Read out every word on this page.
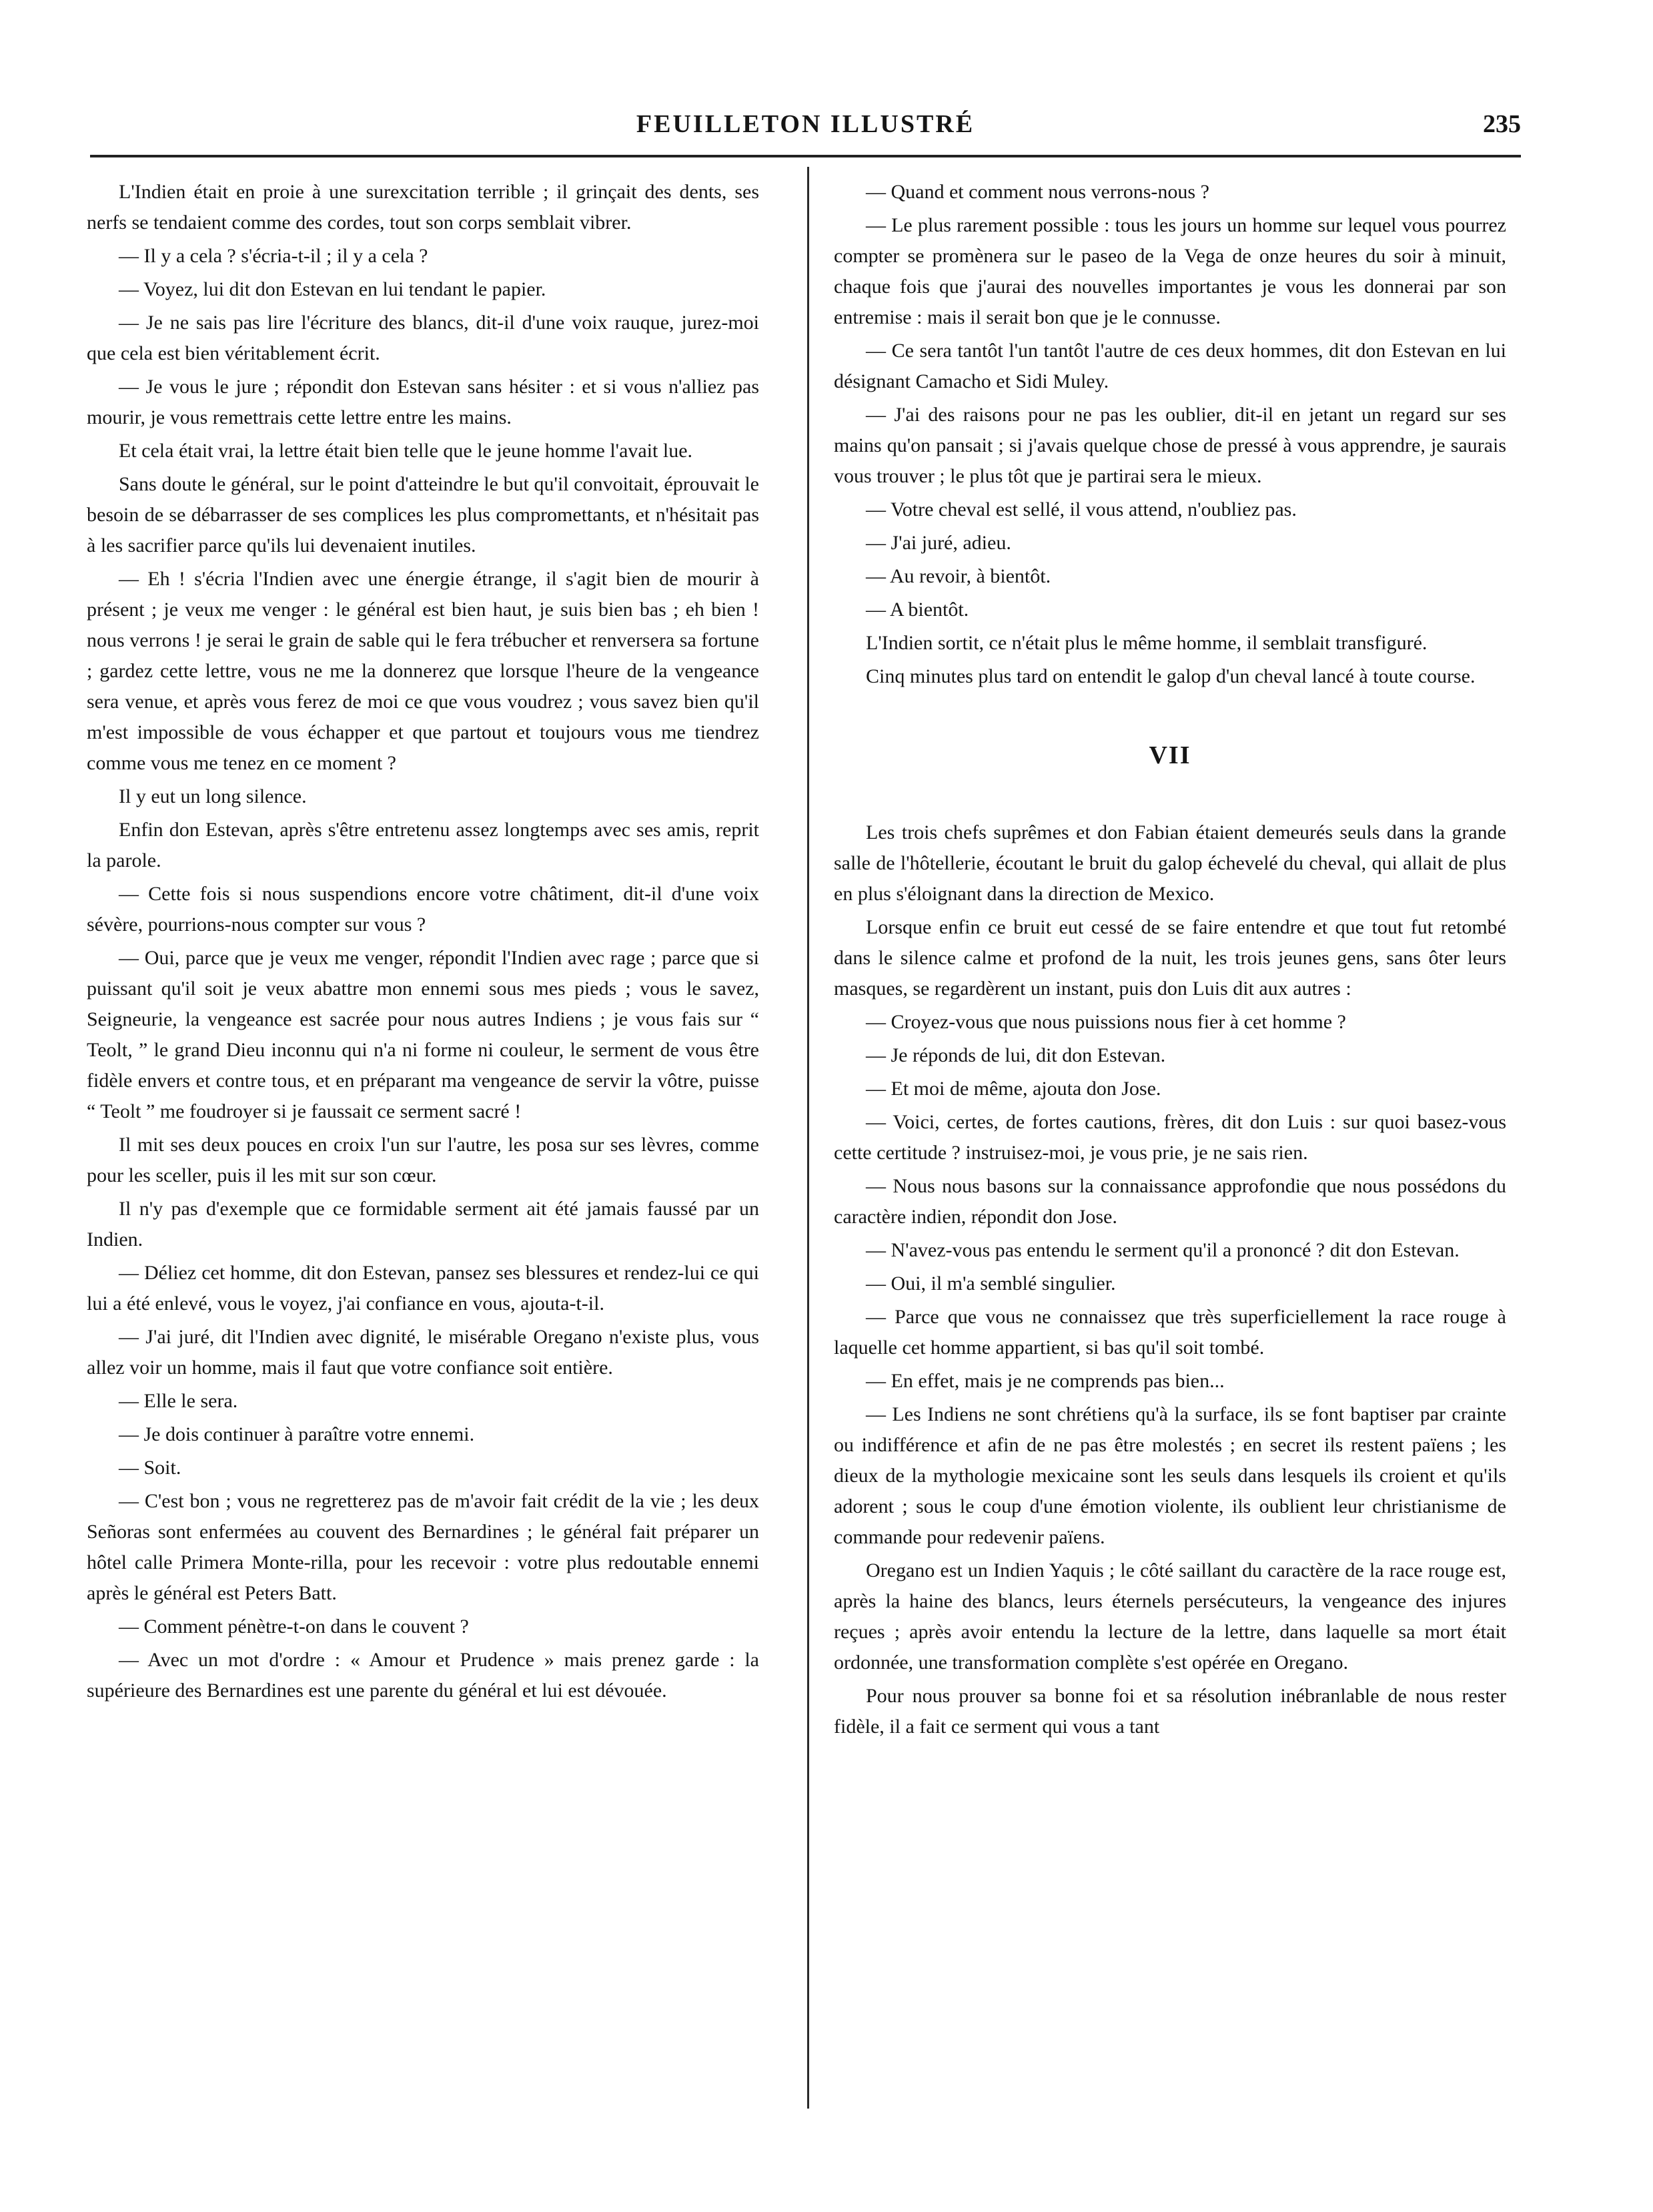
FEUILLETON ILLUSTRÉ	235

L'Indien était en proie à une surexcitation terrible ; il grinçait des dents, ses nerfs se tendaient comme des cordes, tout son corps semblait vibrer.

— Il y a cela ? s'écria-t-il ; il y a cela ?

— Voyez, lui dit don Estevan en lui tendant le papier.

— Je ne sais pas lire l'écriture des blancs, dit-il d'une voix rauque, jurez-moi que cela est bien véritablement écrit.

— Je vous le jure ; répondit don Estevan sans hésiter : et si vous n'alliez pas mourir, je vous remettrais cette lettre entre les mains.

Et cela était vrai, la lettre était bien telle que le jeune homme l'avait lue.

Sans doute le général, sur le point d'atteindre le but qu'il convoitait, éprouvait le besoin de se débarrasser de ses complices les plus compromettants, et n'hésitait pas à les sacrifier parce qu'ils lui devenaient inutiles.

— Eh ! s'écria l'Indien avec une énergie étrange, il s'agit bien de mourir à présent ; je veux me venger : le général est bien haut, je suis bien bas ; eh bien ! nous verrons ! je serai le grain de sable qui le fera trébucher et renversera sa fortune ; gardez cette lettre, vous ne me la donnerez que lorsque l'heure de la vengeance sera venue, et après vous ferez de moi ce que vous voudrez ; vous savez bien qu'il m'est impossible de vous échapper et que partout et toujours vous me tiendrez comme vous me tenez en ce moment ?

Il y eut un long silence.

Enfin don Estevan, après s'être entretenu assez longtemps avec ses amis, reprit la parole.

— Cette fois si nous suspendions encore votre châtiment, dit-il d'une voix sévère, pourrions-nous compter sur vous ?

— Oui, parce que je veux me venger, répondit l'Indien avec rage ; parce que si puissant qu'il soit je veux abattre mon ennemi sous mes pieds ; vous le savez, Seigneurie, la vengeance est sacrée pour nous autres Indiens ; je vous fais sur “ Teolt, ” le grand Dieu inconnu qui n'a ni forme ni couleur, le serment de vous être fidèle envers et contre tous, et en préparant ma vengeance de servir la vôtre, puisse “ Teolt ” me foudroyer si je faussait ce serment sacré !

Il mit ses deux pouces en croix l'un sur l'autre, les posa sur ses lèvres, comme pour les sceller, puis il les mit sur son cœur.

Il n'y pas d'exemple que ce formidable serment ait été jamais faussé par un Indien.

— Déliez cet homme, dit don Estevan, pansez ses blessures et rendez-lui ce qui lui a été enlevé, vous le voyez, j'ai confiance en vous, ajouta-t-il.

— J'ai juré, dit l'Indien avec dignité, le misérable Oregano n'existe plus, vous allez voir un homme, mais il faut que votre confiance soit entière.

— Elle le sera.

— Je dois continuer à paraître votre ennemi.

— Soit.

— C'est bon ; vous ne regretterez pas de m'avoir fait crédit de la vie ; les deux Señoras sont enfermées au couvent des Bernardines ; le général fait préparer un hôtel calle Primera Monte-rilla, pour les recevoir : votre plus redoutable ennemi après le général est Peters Batt.

— Comment pénètre-t-on dans le couvent ?

— Avec un mot d'ordre : « Amour et Prudence » mais prenez garde : la supérieure des Bernardines est une parente du général et lui est dévouée.

— Quand et comment nous verrons-nous ?

— Le plus rarement possible : tous les jours un homme sur lequel vous pourrez compter se promènera sur le paseo de la Vega de onze heures du soir à minuit, chaque fois que j'aurai des nouvelles importantes je vous les donnerai par son entremise : mais il serait bon que je le connusse.

— Ce sera tantôt l'un tantôt l'autre de ces deux hommes, dit don Estevan en lui désignant Camacho et Sidi Muley.

— J'ai des raisons pour ne pas les oublier, dit-il en jetant un regard sur ses mains qu'on pansait ; si j'avais quelque chose de pressé à vous apprendre, je saurais vous trouver ; le plus tôt que je partirai sera le mieux.

— Votre cheval est sellé, il vous attend, n'oubliez pas.

— J'ai juré, adieu.

— Au revoir, à bientôt.

— A bientôt.

L'Indien sortit, ce n'était plus le même homme, il semblait transfiguré.

Cinq minutes plus tard on entendit le galop d'un cheval lancé à toute course.

VII

Les trois chefs suprêmes et don Fabian étaient demeurés seuls dans la grande salle de l'hôtellerie, écoutant le bruit du galop échevelé du cheval, qui allait de plus en plus s'éloignant dans la direction de Mexico.

Lorsque enfin ce bruit eut cessé de se faire entendre et que tout fut retombé dans le silence calme et profond de la nuit, les trois jeunes gens, sans ôter leurs masques, se regardèrent un instant, puis don Luis dit aux autres :

— Croyez-vous que nous puissions nous fier à cet homme ?

— Je réponds de lui, dit don Estevan.

— Et moi de même, ajouta don Jose.

— Voici, certes, de fortes cautions, frères, dit don Luis : sur quoi basez-vous cette certitude ? instruisez-moi, je vous prie, je ne sais rien.

— Nous nous basons sur la connaissance approfondie que nous possédons du caractère indien, répondit don Jose.

— N'avez-vous pas entendu le serment qu'il a prononcé ? dit don Estevan.

— Oui, il m'a semblé singulier.

— Parce que vous ne connaissez que très superficiellement la race rouge à laquelle cet homme appartient, si bas qu'il soit tombé.

— En effet, mais je ne comprends pas bien...

— Les Indiens ne sont chrétiens qu'à la surface, ils se font baptiser par crainte ou indifférence et afin de ne pas être molestés ; en secret ils restent païens ; les dieux de la mythologie mexicaine sont les seuls dans lesquels ils croient et qu'ils adorent ; sous le coup d'une émotion violente, ils oublient leur christianisme de commande pour redevenir païens.

Oregano est un Indien Yaquis ; le côté saillant du caractère de la race rouge est, après la haine des blancs, leurs éternels persécuteurs, la vengeance des injures reçues ; après avoir entendu la lecture de la lettre, dans laquelle sa mort était ordonnée, une transformation complète s'est opérée en Oregano.

Pour nous prouver sa bonne foi et sa résolution inébranlable de nous rester fidèle, il a fait ce serment qui vous a tant
